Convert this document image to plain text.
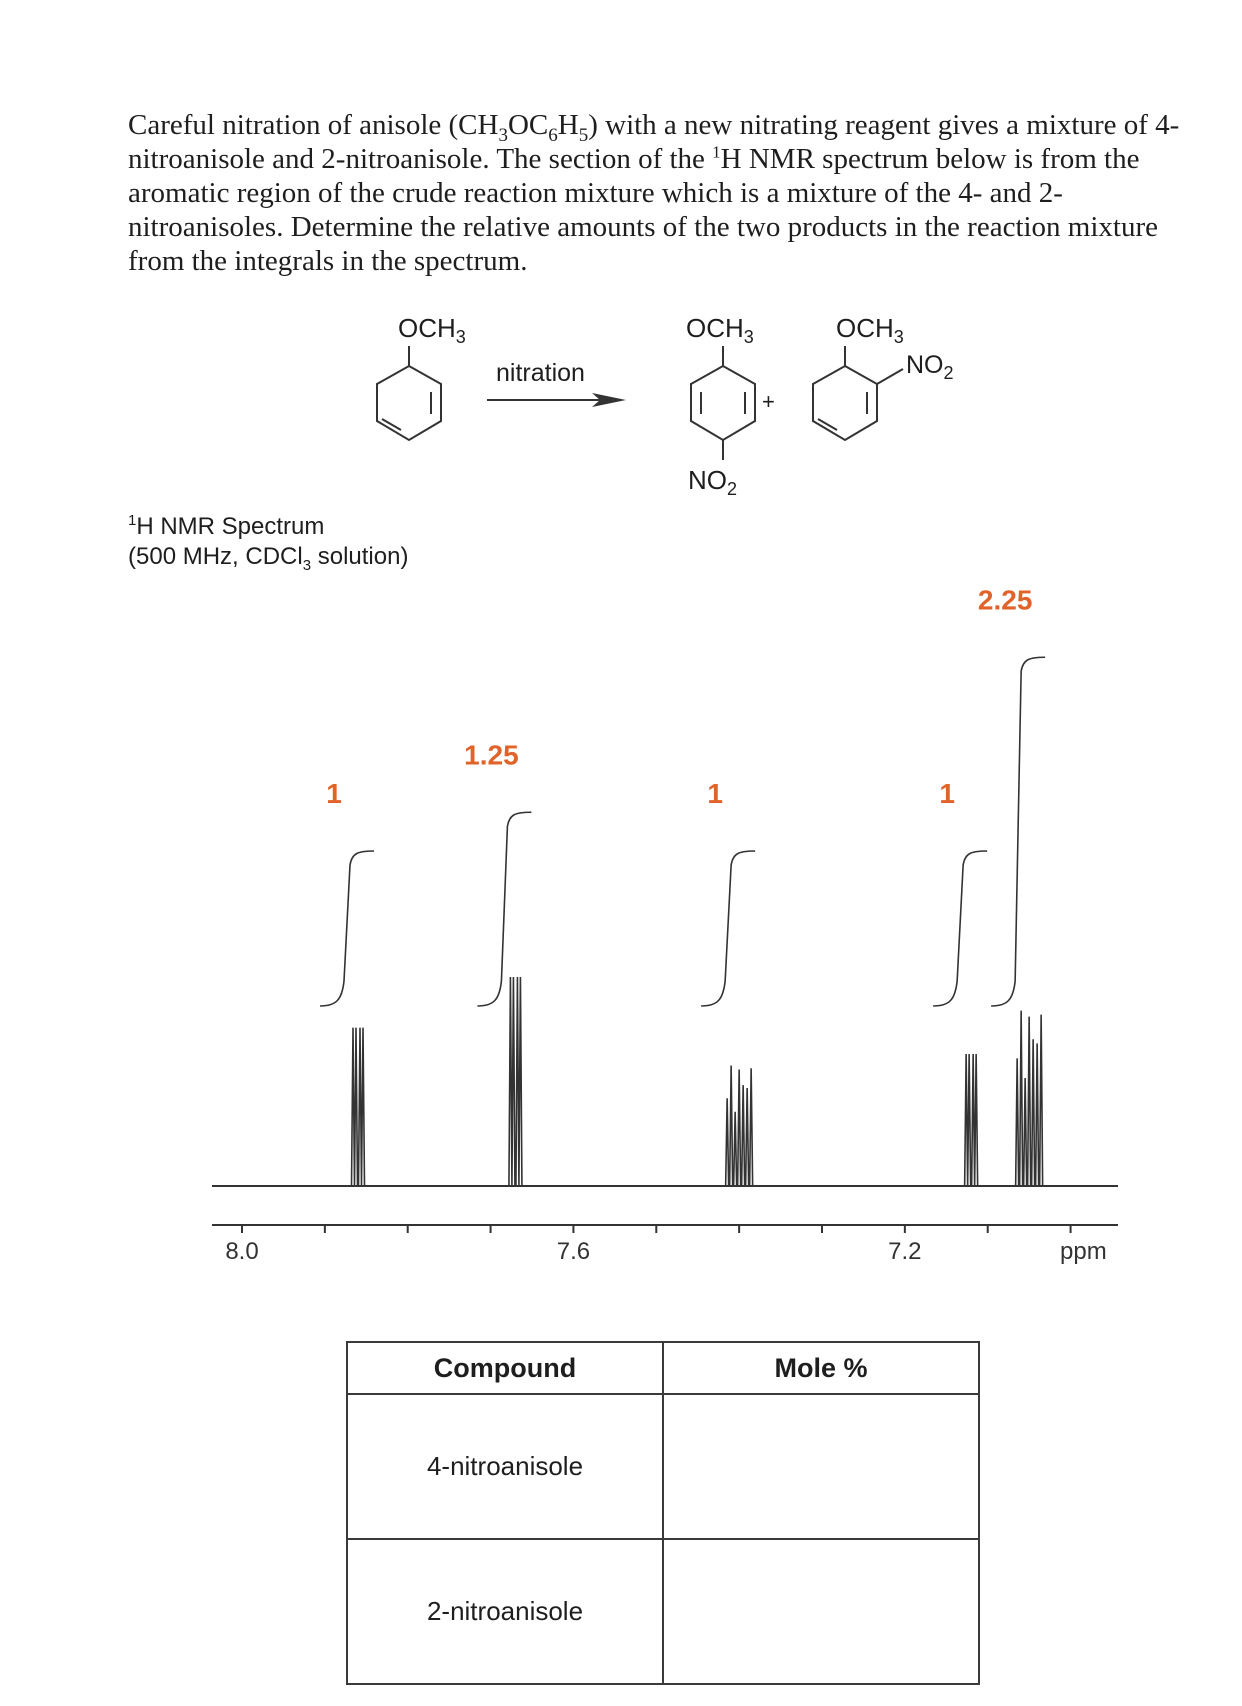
Careful nitration of anisole $(CH_3OC_6H_5)$ with a new nitrating reagent gives a mixture of 4-nitroanisole and 2-nitroanisole. The section of the $^1$H NMR spectrum below is from the aromatic region of the crude reaction mixture which is a mixture of the 4- and 2-nitroanisoles. Determine the relative amounts of the two products in the reaction mixture from the integrals in the spectrum.

$OCH_3$
nitration
$OCH_3$
$NO_2$
+
$OCH_3$
$NO_2$
$^1$H NMR Spectrum
(500 MHz, CDCl$_3$ solution)
8.0	7.6	7.2
1
1.25
1	1
2.25
ppm
Compound	Mole %
4-nitroanisole	
2-nitroanisole	
